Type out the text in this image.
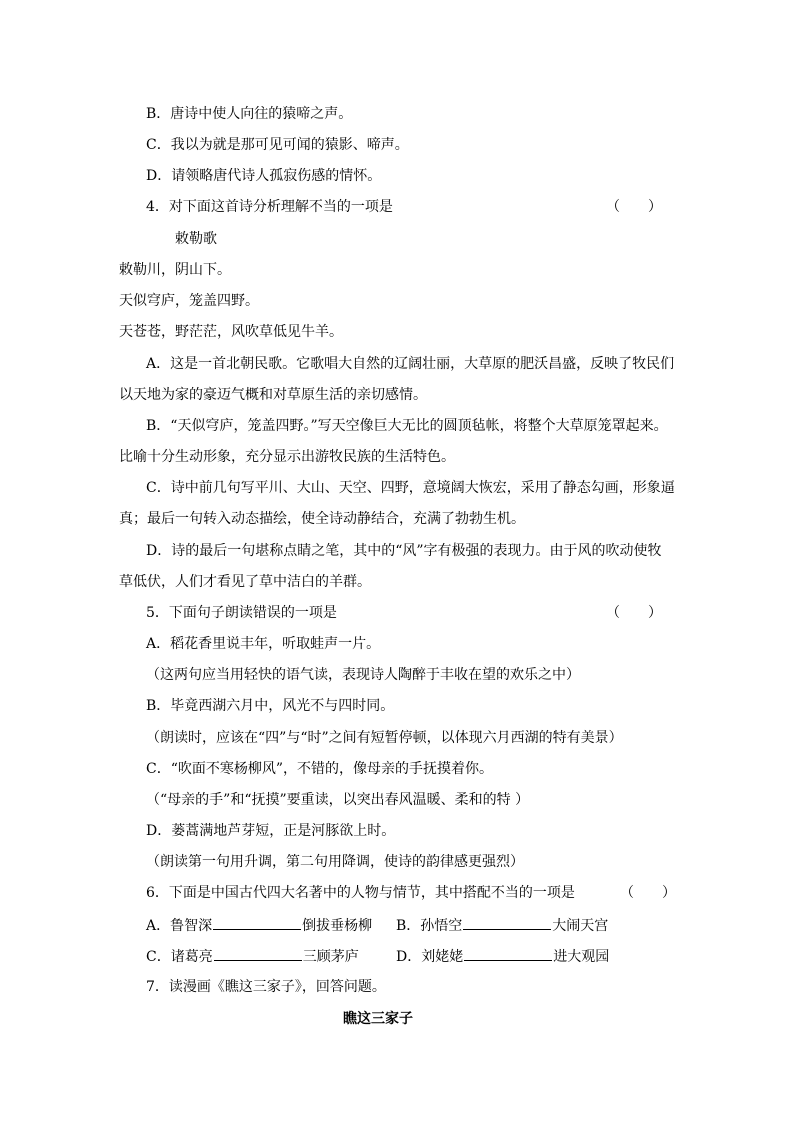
B．唐诗中使人向往的猿啼之声。
C．我以为就是那可见可闻的猿影、啼声。
D．请领略唐代诗人孤寂伤感的情怀。
4．对下面这首诗分析理解不当的一项是	（　　）
敕勒歌
敕勒川，阴山下。
天似穹庐，笼盖四野。
天苍苍，野茫茫，风吹草低见牛羊。
A．这是一首北朝民歌。它歌唱大自然的辽阔壮丽，大草原的肥沃昌盛，反映了牧民们
以天地为家的豪迈气概和对草原生活的亲切感情。
B．“天似穹庐，笼盖四野。”写天空像巨大无比的圆顶毡帐，将整个大草原笼罩起来。
比喻十分生动形象，充分显示出游牧民族的生活特色。
C．诗中前几句写平川、大山、天空、四野，意境阔大恢宏，采用了静态勾画，形象逼
真；最后一句转入动态描绘，使全诗动静结合，充满了勃勃生机。
D．诗的最后一句堪称点睛之笔，其中的“风”字有极强的表现力。由于风的吹动使牧
草低伏，人们才看见了草中洁白的羊群。
5．下面句子朗读错误的一项是	（　　）
A．稻花香里说丰年，听取蛙声一片。
（这两句应当用轻快的语气读，表现诗人陶醉于丰收在望的欢乐之中）
B．毕竟西湖六月中，风光不与四时同。
（朗读时，应该在“四”与“时”之间有短暂停顿，以体现六月西湖的特有美景）
C．“吹面不寒杨柳风”，不错的，像母亲的手抚摸着你。
（“母亲的手”和“抚摸”要重读，以突出春风温暖、柔和的特 ）
D．蒌蒿满地芦芽短，正是河豚欲上时。
（朗读第一句用升调，第二句用降调，使诗的韵律感更强烈）
6．下面是中国古代四大名著中的人物与情节，其中搭配不当的一项是	（　　）
A．鲁智深	倒拔垂杨柳 B．孙悟空	大闹天宫
C．诸葛亮	三顾茅庐	D．刘姥姥	进大观园
7．读漫画《瞧这三家子》，回答问题。
瞧这三家子
